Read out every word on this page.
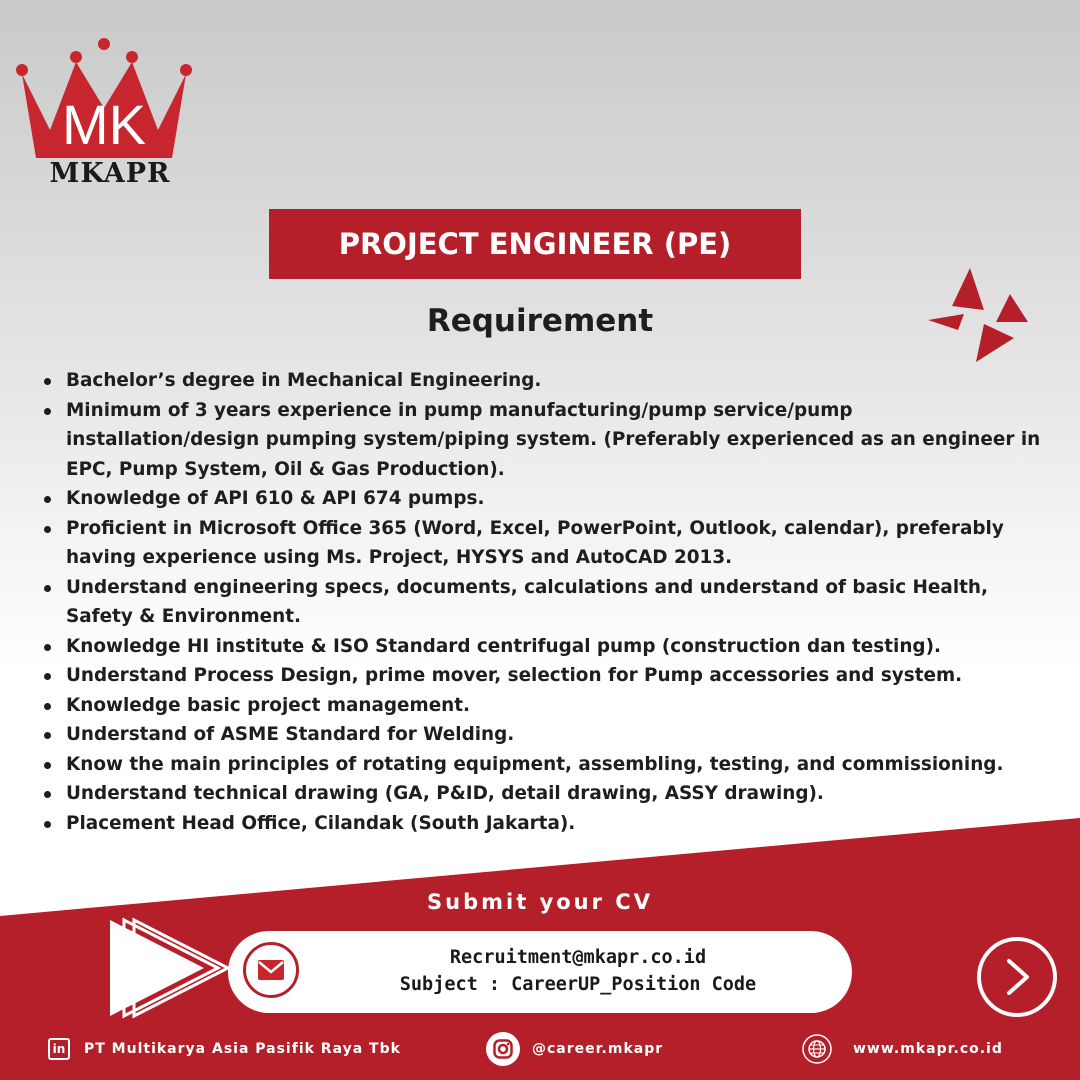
MK
MKAPR
PROJECT ENGINEER (PE)
Requirement
Bachelor’s degree in Mechanical Engineering.
Minimum of 3 years experience in pump manufacturing/pump service/pump installation/design pumping system/piping system. (Preferably experienced as an engineer in EPC, Pump System, Oil & Gas Production).
Knowledge of API 610 & API 674 pumps.
Proficient in Microsoft Office 365 (Word, Excel, PowerPoint, Outlook, calendar), preferably having experience using Ms. Project, HYSYS and AutoCAD 2013.
Understand engineering specs, documents, calculations and understand of basic Health, Safety & Environment.
Knowledge HI institute & ISO Standard centrifugal pump (construction dan testing).
Understand Process Design, prime mover, selection for Pump accessories and system.
Knowledge basic project management.
Understand of ASME Standard for Welding.
Know the main principles of rotating equipment, assembling, testing, and commissioning.
Understand technical drawing (GA, P&ID, detail drawing, ASSY drawing).
Placement Head Office, Cilandak (South Jakarta).
Submit your CV
Recruitment@mkapr.co.id
Subject : CareerUP_Position Code
in	PT Multikarya Asia Pasifik Raya Tbk	@career.mkapr	www.mkapr.co.id
